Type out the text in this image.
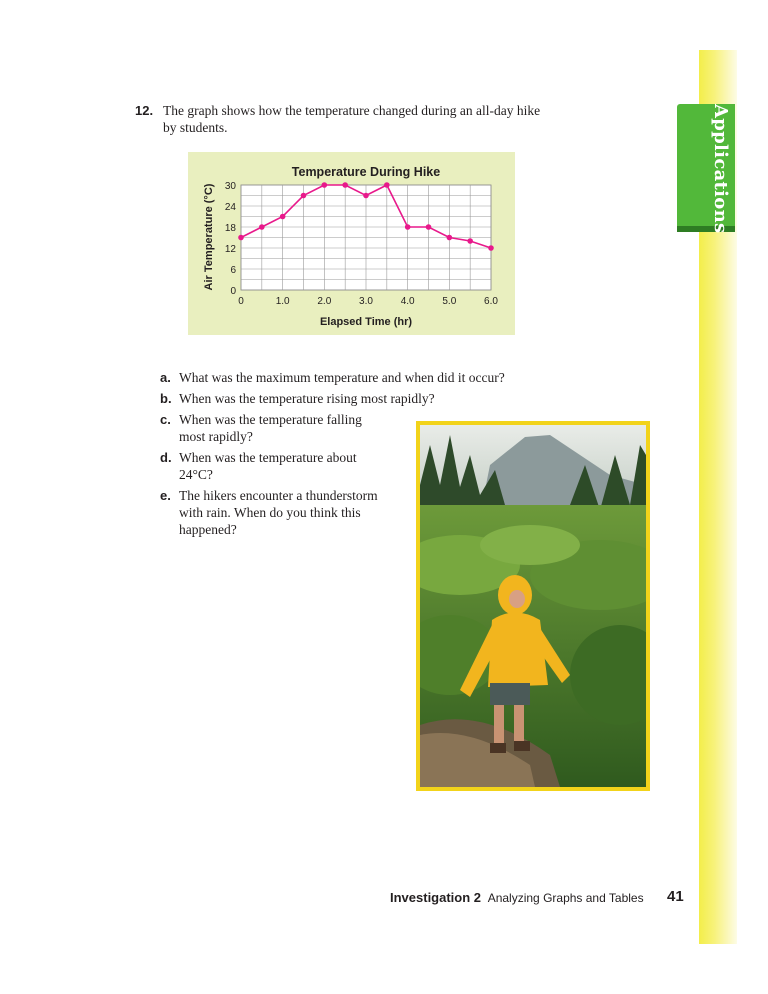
Applications
12. The graph shows how the temperature changed during an all-day hike
by students.
0	1.0	2.0	3.0	4.0	5.0	6.0
0
6
12
18
24
30
Temperature During Hike
Elapsed Time (hr)
Air Temperature (°C)
a. What was the maximum temperature and when did it occur?
b. When was the temperature rising most rapidly?
c. When was the temperature falling
most rapidly?
d. When was the temperature about
24°C?
e. The hikers encounter a thunderstorm
with rain. When do you think this
happened?
Investigation 2 Analyzing Graphs and Tables 41
